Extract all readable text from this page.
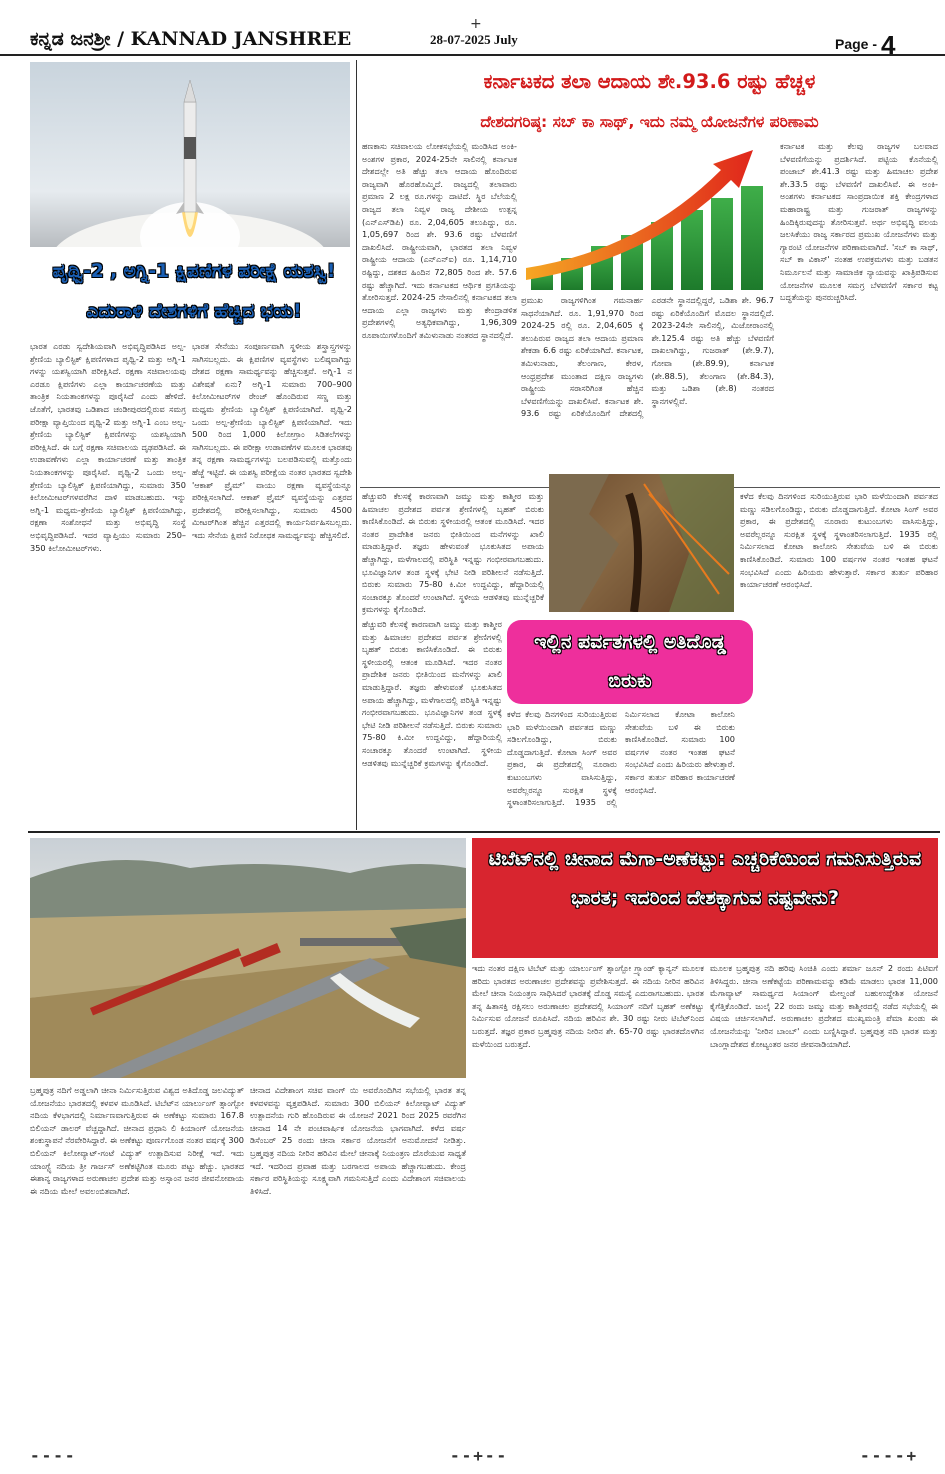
+
ಕನ್ನಡ ಜನಶ್ರೀ / KANNAD JANSHREE	28-07-2025 July	Page - 4
ಪೃಥ್ವಿ-2 , ಅಗ್ನಿ-1 ಕ್ಷಿಪಣಿಗಳ ಪರೀಕ್ಷೆ ಯಶಸ್ವಿ! ಎದುರಾಳಿ ದೇಶಗಳಿಗೆ ಹೆಚ್ಚಿದ ಭಯ!
ಭಾರತ ಎರಡು ಸ್ವದೇಶಿಯವಾಗಿ ಅಭಿವೃದ್ಧಿಪಡಿಸಿದ ಅಲ್ಪ-ಶ್ರೇಣಿಯ ಬ್ಯಾಲಿಸ್ಟಿಕ್ ಕ್ಷಿಪಣಿಗಳಾದ ಪೃಥ್ವಿ-2 ಮತ್ತು ಅಗ್ನಿ-1 ಗಳನ್ನು ಯಶಸ್ವಿಯಾಗಿ ಪರೀಕ್ಷಿಸಿದೆ. ರಕ್ಷಣಾ ಸಚಿವಾಲಯವು ಎರಡೂ ಕ್ಷಿಪಣಿಗಳು ಎಲ್ಲಾ ಕಾರ್ಯಾಚರಣೆಯ ಮತ್ತು ತಾಂತ್ರಿಕ ನಿಯತಾಂಕಗಳನ್ನು ಪೂರೈಸಿದೆ ಎಂದು ಹೇಳಿದೆ. ಜೊತೆಗೆ, ಭಾರತವು ಒಡಿಶಾದ ಚಂಡೀಪುರದಲ್ಲಿರುವ ಸಮಗ್ರ ಪರೀಕ್ಷಾ ವ್ಯಾಪ್ತಿಯಿಂದ ಪೃಥ್ವಿ-2 ಮತ್ತು ಅಗ್ನಿ-1 ಎಂಬ ಅಲ್ಪ-ಶ್ರೇಣಿಯ ಬ್ಯಾಲಿಸ್ಟಿಕ್ ಕ್ಷಿಪಣಿಗಳನ್ನು ಯಶಸ್ವಿಯಾಗಿ ಪರೀಕ್ಷಿಸಿದೆ. ಈ ಬಗ್ಗೆ ರಕ್ಷಣಾ ಸಚಿವಾಲಯ ದೃಢಪಡಿಸಿದೆ. ಈ ಉಡಾವಣೆಗಳು ಎಲ್ಲಾ ಕಾರ್ಯಾಚರಣೆ ಮತ್ತು ತಾಂತ್ರಿಕ ನಿಯತಾಂಕಗಳನ್ನು ಪೂರೈಸಿವೆ. ಪೃಥ್ವಿ-2 ಒಂದು ಅಲ್ಪ-ಶ್ರೇಣಿಯ ಬ್ಯಾಲಿಸ್ಟಿಕ್ ಕ್ಷಿಪಣಿಯಾಗಿದ್ದು, ಸುಮಾರು 350 ಕಿಲೋಮೀಟರ್‌ಗಳವರೆಗಿನ ದಾಳಿ ಮಾಡಬಹುದು. ಇನ್ನು ಅಗ್ನಿ-1 ಮಧ್ಯಮ-ಶ್ರೇಣಿಯ ಬ್ಯಾಲಿಸ್ಟಿಕ್ ಕ್ಷಿಪಣಿಯಾಗಿದ್ದು, ರಕ್ಷಣಾ ಸಂಶೋಧನೆ ಮತ್ತು ಅಭಿವೃದ್ಧಿ ಸಂಸ್ಥೆ ಅಭಿವೃದ್ಧಿಪಡಿಸಿದೆ. ಇದರ ವ್ಯಾಪ್ತಿಯು ಸುಮಾರು 250–350 ಕಿಲೋಮೀಟರ್‌ಗಳು.
ಭಾರತ ಸೇನೆಯು ಸಂಪೂರ್ಣವಾಗಿ ಸ್ಥಳೀಯ ಶಸ್ತ್ರಾಸ್ತ್ರಗಳನ್ನು ಸಾಗಿಸಬಲ್ಲದು. ಈ ಕ್ಷಿಪಣಿಗಳ ವ್ಯವಸ್ಥೆಗಳು ಬಲಿಷ್ಠವಾಗಿದ್ದು ದೇಶದ ರಕ್ಷಣಾ ಸಾಮರ್ಥ್ಯವನ್ನು ಹೆಚ್ಚಿಸುತ್ತವೆ. ಅಗ್ನಿ-1 ನ ವಿಶೇಷತೆ ಏನು? ಅಗ್ನಿ-1 ಸುಮಾರು 700–900 ಕಿಲೋಮೀಟರ್‌ಗಳ ರೇಂಜ್ ಹೊಂದಿರುವ ಸಣ್ಣ ಮತ್ತು ಮಧ್ಯಮ ಶ್ರೇಣಿಯ ಬ್ಯಾಲಿಸ್ಟಿಕ್ ಕ್ಷಿಪಣಿಯಾಗಿದೆ. ಪೃಥ್ವಿ-2 ಒಂದು ಅಲ್ಪ-ಶ್ರೇಣಿಯ ಬ್ಯಾಲಿಸ್ಟಿಕ್ ಕ್ಷಿಪಣಿಯಾಗಿದೆ. ಇದು 500 ರಿಂದ 1,000 ಕಿಲೋಗ್ರಾಂ ಸಿಡಿತಲೆಗಳನ್ನು ಸಾಗಿಸಬಲ್ಲದು. ಈ ಪರೀಕ್ಷಾ ಉಡಾವಣೆಗಳ ಮೂಲಕ ಭಾರತವು ತನ್ನ ರಕ್ಷಣಾ ಸಾಮರ್ಥ್ಯಗಳನ್ನು ಬಲಪಡಿಸುವಲ್ಲಿ ಮತ್ತೊಂದು ಹೆಜ್ಜೆ ಇಟ್ಟಿದೆ. ಈ ಯಶಸ್ವಿ ಪರೀಕ್ಷೆಯ ನಂತರ ಭಾರತದ ಸ್ವದೇಶಿ 'ಆಕಾಶ್ ಪ್ರೈಮ್' ವಾಯು ರಕ್ಷಣಾ ವ್ಯವಸ್ಥೆಯನ್ನೂ ಪರೀಕ್ಷಿಸಲಾಗಿದೆ. ಆಕಾಶ್ ಪ್ರೈಮ್ ವ್ಯವಸ್ಥೆಯನ್ನು ಎತ್ತರದ ಪ್ರದೇಶದಲ್ಲಿ ಪರೀಕ್ಷಿಸಲಾಗಿದ್ದು, ಸುಮಾರು 4500 ಮೀಟರ್‌ಗಿಂತ ಹೆಚ್ಚಿನ ಎತ್ತರದಲ್ಲಿ ಕಾರ್ಯನಿರ್ವಹಿಸಬಲ್ಲದು. ಇದು ಸೇನೆಯ ಕ್ಷಿಪಣಿ ನಿರೋಧಕ ಸಾಮರ್ಥ್ಯವನ್ನು ಹೆಚ್ಚಿಸಲಿದೆ.
ಕರ್ನಾಟಕದ ತಲಾ ಆದಾಯ ಶೇ.93.6 ರಷ್ಟು ಹೆಚ್ಚಳ
ದೇಶದಗರಿಷ್ಠ: ಸಬ್ ಕಾ ಸಾಥ್, ಇದು ನಮ್ಮ ಯೋಜನೆಗಳ ಪರಿಣಾಮ
ಹಣಕಾಸು ಸಚಿವಾಲಯ ಲೋಕಸಭೆಯಲ್ಲಿ ಮಂಡಿಸಿದ ಅಂಕಿ-ಅಂಶಗಳ ಪ್ರಕಾರ, 2024-25ನೇ ಸಾಲಿನಲ್ಲಿ ಕರ್ನಾಟಕ ದೇಶದಲ್ಲೇ ಅತಿ ಹೆಚ್ಚು ತಲಾ ಆದಾಯ ಹೊಂದಿರುವ ರಾಜ್ಯವಾಗಿ ಹೊರಹೊಮ್ಮಿದೆ. ರಾಜ್ಯದಲ್ಲಿ ತಲಾವಾರು ಪ್ರಮಾಣ 2 ಲಕ್ಷ ರೂ.ಗಳನ್ನು ದಾಟಿದೆ. ಸ್ಥಿರ ಬೆಲೆಯಲ್ಲಿ ರಾಜ್ಯದ ತಲಾ ನಿವ್ವಳ ರಾಜ್ಯ ದೇಶೀಯ ಉತ್ಪನ್ನ (ಎನ್‌ಎಸ್‌ಡಿಪಿ) ರೂ. 2,04,605 ತಲುಪಿದ್ದು, ರೂ. 1,05,697 ರಿಂದ ಶೇ. 93.6 ರಷ್ಟು ಬೆಳವಣಿಗೆ ದಾಖಲಿಸಿದೆ. ರಾಷ್ಟ್ರೀಯವಾಗಿ, ಭಾರತದ ತಲಾ ನಿವ್ವಳ ರಾಷ್ಟ್ರೀಯ ಆದಾಯ (ಎನ್‌ಎನ್‌ಐ) ರೂ. 1,14,710 ರಷ್ಟಿದ್ದು, ದಶಕದ ಹಿಂದಿನ 72,805 ರಿಂದ ಶೇ. 57.6 ರಷ್ಟು ಹೆಚ್ಚಾಗಿದೆ. ಇದು ಕರ್ನಾಟಕದ ಆರ್ಥಿಕ ಪ್ರಗತಿಯನ್ನು ತೋರಿಸುತ್ತದೆ. 2024-25 ನೇಸಾಲಿನಲ್ಲಿ ಕರ್ನಾಟಕದ ತಲಾ ಆದಾಯ ಎಲ್ಲಾ ರಾಜ್ಯಗಳು ಮತ್ತು ಕೇಂದ್ರಾಡಳಿತ ಪ್ರದೇಶಗಳಲ್ಲಿ ಅತ್ಯಧಿಕವಾಗಿದ್ದು, 1,96,309 ರೂಪಾಯಿಗಳೊಂದಿಗೆ ತಮಿಳುನಾಡು ನಂತರದ ಸ್ಥಾನದಲ್ಲಿದೆ.
ಪ್ರಮುಖ ರಾಜ್ಯಗಳಿಗಿಂತ ಗಮನಾರ್ಹ ಸಾಧನೆಯಾಗಿದೆ. ರೂ. 1,91,970 ರಿಂದ 2024-25 ರಲ್ಲಿ ರೂ. 2,04,605 ಕ್ಕೆ ತಲುಪಿರುವ ರಾಜ್ಯದ ತಲಾ ಆದಾಯ ಪ್ರಮಾಣ ಶೇಕಡಾ 6.6 ರಷ್ಟು ಏರಿಕೆಯಾಗಿದೆ. ಕರ್ನಾಟಕ, ತಮಿಳುನಾಡು, ತೆಲಂಗಾಣ, ಕೇರಳ, ಆಂಧ್ರಪ್ರದೇಶ ಮುಂತಾದ ದಕ್ಷಿಣ ರಾಜ್ಯಗಳು ರಾಷ್ಟ್ರೀಯ ಸರಾಸರಿಗಿಂತ ಹೆಚ್ಚಿನ ಬೆಳವಣಿಗೆಯನ್ನು ದಾಖಲಿಸಿವೆ. ಕರ್ನಾಟಕ ಶೇ. 93.6 ರಷ್ಟು ಏರಿಕೆಯೊಂದಿಗೆ ದೇಶದಲ್ಲಿ ಎರಡನೇ ಸ್ಥಾನದಲ್ಲಿದ್ದರೆ, ಒಡಿಶಾ ಶೇ. 96.7 ರಷ್ಟು ಏರಿಕೆಯೊಂದಿಗೆ ಮೊದಲ ಸ್ಥಾನದಲ್ಲಿದೆ. 2023-24ನೇ ಸಾಲಿನಲ್ಲಿ, ಮಿಜೋರಾಂನಲ್ಲಿ ಶೇ.125.4 ರಷ್ಟು ಅತಿ ಹೆಚ್ಚು ಬೆಳವಣಿಗೆ ದಾಖಲಾಗಿದ್ದು, ಗುಜರಾತ್ (ಶೇ.9.7), ಗೋವಾ (ಶೇ.89.9), ಕರ್ನಾಟಕ (ಶೇ.88.5), ತೆಲಂಗಾಣ (ಶೇ.84.3), ಮತ್ತು ಒಡಿಶಾ (ಶೇ.8) ನಂತರದ ಸ್ಥಾನಗಳಲ್ಲಿವೆ.
ಕರ್ನಾಟಕ ಮತ್ತು ಕೆಲವು ರಾಜ್ಯಗಳ ಬಲವಾದ ಬೆಳವಣಿಗೆಯನ್ನು ಪ್ರದರ್ಶಿಸಿದೆ. ಪಟ್ಟಿಯ ಕೊನೆಯಲ್ಲಿ ಪಂಜಾಬ್ ಶೇ.41.3 ರಷ್ಟು ಮತ್ತು ಹಿಮಾಚಲ ಪ್ರದೇಶ ಶೇ.33.5 ರಷ್ಟು ಬೆಳವಣಿಗೆ ದಾಖಲಿಸಿವೆ. ಈ ಅಂಕಿ-ಅಂಶಗಳು ಕರ್ನಾಟಕದ ಸಾಂಪ್ರದಾಯಿಕ ಶಕ್ತಿ ಕೇಂದ್ರಗಳಾದ ಮಹಾರಾಷ್ಟ್ರ ಮತ್ತು ಗುಜರಾತ್ ರಾಜ್ಯಗಳನ್ನು ಹಿಂದಿಕ್ಕಿರುವುದನ್ನು ತೋರಿಸುತ್ತವೆ. ಅರ್ಥ ಅಭಿವೃದ್ಧಿ ವಲಯ ಜಲಸಿಕೆಯು ರಾಜ್ಯ ಸರ್ಕಾರದ ಪ್ರಮುಖ ಯೋಜನೆಗಳು ಮತ್ತು ಗ್ಯಾರಂಟಿ ಯೋಜನೆಗಳ ಪರಿಣಾಮವಾಗಿದೆ. 'ಸಬ್ ಕಾ ಸಾಥ್, ಸಬ್ ಕಾ ವಿಕಾಸ್' ನಂತಹ ಉಪಕ್ರಮಗಳು ಮತ್ತು ಬಡತನ ನಿರ್ಮೂಲನೆ ಮತ್ತು ಸಾಮಾಜಿಕ ನ್ಯಾಯವನ್ನು ಖಾತ್ರಿಪಡಿಸುವ ಯೋಜನೆಗಳ ಮೂಲಕ ಸಮಗ್ರ ಬೆಳವಣಿಗೆ ಸರ್ಕಾರ ಕಟ್ಟ ಬದ್ಧತೆಯನ್ನು ಪುನರುಚ್ಚರಿಸಿದೆ.
ಹೆಚ್ಚುವರಿ ಕೆಲಸಕ್ಕೆ ಕಾರಣವಾಗಿ ಜಮ್ಮು ಮತ್ತು ಕಾಶ್ಮೀರ ಮತ್ತು ಹಿಮಾಚಲ ಪ್ರದೇಶದ ಪರ್ವತ ಶ್ರೇಣಿಗಳಲ್ಲಿ ಬೃಹತ್ ಬಿರುಕು ಕಾಣಿಸಿಕೊಂಡಿದೆ. ಈ ಬಿರುಕು ಸ್ಥಳೀಯರಲ್ಲಿ ಆತಂಕ ಮೂಡಿಸಿದೆ. ಇದರ ನಂತರ ಪ್ರಾದೇಶಿಕ ಜನರು ಭೀತಿಯಿಂದ ಮನೆಗಳನ್ನು ಖಾಲಿ ಮಾಡುತ್ತಿದ್ದಾರೆ. ತಜ್ಞರು ಹೇಳುವಂತೆ ಭೂಕುಸಿತದ ಅಪಾಯ ಹೆಚ್ಚಾಗಿದ್ದು, ಮಳೆಗಾಲದಲ್ಲಿ ಪರಿಸ್ಥಿತಿ ಇನ್ನಷ್ಟು ಗಂಭೀರವಾಗಬಹುದು. ಭೂವಿಜ್ಞಾನಿಗಳ ತಂಡ ಸ್ಥಳಕ್ಕೆ ಭೇಟಿ ನೀಡಿ ಪರಿಶೀಲನೆ ನಡೆಸುತ್ತಿದೆ. ಬಿರುಕು ಸುಮಾರು 75-80 ಕಿ.ಮೀ ಉದ್ದವಿದ್ದು, ಹೆದ್ದಾರಿಯಲ್ಲಿ ಸಂಚಾರಕ್ಕೂ ತೊಂದರೆ ಉಂಟಾಗಿದೆ. ಸ್ಥಳೀಯ ಆಡಳಿತವು ಮುನ್ನೆಚ್ಚರಿಕೆ ಕ್ರಮಗಳನ್ನು ಕೈಗೊಂಡಿದೆ.
ಇಲ್ಲಿನ ಪರ್ವತಗಳಲ್ಲಿ ಅತಿದೊಡ್ಡ ಬಿರುಕು
ಹೆಚ್ಚುವರಿ ಕೆಲಸಕ್ಕೆ ಕಾರಣವಾಗಿ ಜಮ್ಮು ಮತ್ತು ಕಾಶ್ಮೀರ ಮತ್ತು ಹಿಮಾಚಲ ಪ್ರದೇಶದ ಪರ್ವತ ಶ್ರೇಣಿಗಳಲ್ಲಿ ಬೃಹತ್ ಬಿರುಕು ಕಾಣಿಸಿಕೊಂಡಿದೆ. ಈ ಬಿರುಕು ಸ್ಥಳೀಯರಲ್ಲಿ ಆತಂಕ ಮೂಡಿಸಿದೆ. ಇದರ ನಂತರ ಪ್ರಾದೇಶಿಕ ಜನರು ಭೀತಿಯಿಂದ ಮನೆಗಳನ್ನು ಖಾಲಿ ಮಾಡುತ್ತಿದ್ದಾರೆ. ತಜ್ಞರು ಹೇಳುವಂತೆ ಭೂಕುಸಿತದ ಅಪಾಯ ಹೆಚ್ಚಾಗಿದ್ದು, ಮಳೆಗಾಲದಲ್ಲಿ ಪರಿಸ್ಥಿತಿ ಇನ್ನಷ್ಟು ಗಂಭೀರವಾಗಬಹುದು. ಭೂವಿಜ್ಞಾನಿಗಳ ತಂಡ ಸ್ಥಳಕ್ಕೆ ಭೇಟಿ ನೀಡಿ ಪರಿಶೀಲನೆ ನಡೆಸುತ್ತಿದೆ. ಬಿರುಕು ಸುಮಾರು 75-80 ಕಿ.ಮೀ ಉದ್ದವಿದ್ದು, ಹೆದ್ದಾರಿಯಲ್ಲಿ ಸಂಚಾರಕ್ಕೂ ತೊಂದರೆ ಉಂಟಾಗಿದೆ. ಸ್ಥಳೀಯ ಆಡಳಿತವು ಮುನ್ನೆಚ್ಚರಿಕೆ ಕ್ರಮಗಳನ್ನು ಕೈಗೊಂಡಿದೆ.
ಕಳೆದ ಕೆಲವು ದಿನಗಳಿಂದ ಸುರಿಯುತ್ತಿರುವ ಭಾರಿ ಮಳೆಯಿಂದಾಗಿ ಪರ್ವತದ ಮಣ್ಣು ಸಡಿಲಗೊಂಡಿದ್ದು, ಬಿರುಕು ದೊಡ್ಡದಾಗುತ್ತಿದೆ. ಕೋಟಾ ಸಿಂಗ್ ಅವರ ಪ್ರಕಾರ, ಈ ಪ್ರದೇಶದಲ್ಲಿ ನೂರಾರು ಕುಟುಂಬಗಳು ವಾಸಿಸುತ್ತಿದ್ದು, ಅವರೆಲ್ಲರನ್ನೂ ಸುರಕ್ಷಿತ ಸ್ಥಳಕ್ಕೆ ಸ್ಥಳಾಂತರಿಸಲಾಗುತ್ತಿದೆ. 1935 ರಲ್ಲಿ ನಿರ್ಮಿಸಲಾದ ಕೋಟಾ ಕಾಲೋನಿ ಸೇತುವೆಯ ಬಳಿ ಈ ಬಿರುಕು ಕಾಣಿಸಿಕೊಂಡಿದೆ. ಸುಮಾರು 100 ವರ್ಷಗಳ ನಂತರ ಇಂತಹ ಘಟನೆ ಸಂಭವಿಸಿದೆ ಎಂದು ಹಿರಿಯರು ಹೇಳುತ್ತಾರೆ. ಸರ್ಕಾರ ತುರ್ತು ಪರಿಹಾರ ಕಾರ್ಯಾಚರಣೆ ಆರಂಭಿಸಿದೆ.
ಕಳೆದ ಕೆಲವು ದಿನಗಳಿಂದ ಸುರಿಯುತ್ತಿರುವ ಭಾರಿ ಮಳೆಯಿಂದಾಗಿ ಪರ್ವತದ ಮಣ್ಣು ಸಡಿಲಗೊಂಡಿದ್ದು, ಬಿರುಕು ದೊಡ್ಡದಾಗುತ್ತಿದೆ. ಕೋಟಾ ಸಿಂಗ್ ಅವರ ಪ್ರಕಾರ, ಈ ಪ್ರದೇಶದಲ್ಲಿ ನೂರಾರು ಕುಟುಂಬಗಳು ವಾಸಿಸುತ್ತಿದ್ದು, ಅವರೆಲ್ಲರನ್ನೂ ಸುರಕ್ಷಿತ ಸ್ಥಳಕ್ಕೆ ಸ್ಥಳಾಂತರಿಸಲಾಗುತ್ತಿದೆ. 1935 ರಲ್ಲಿ ನಿರ್ಮಿಸಲಾದ ಕೋಟಾ ಕಾಲೋನಿ ಸೇತುವೆಯ ಬಳಿ ಈ ಬಿರುಕು ಕಾಣಿಸಿಕೊಂಡಿದೆ. ಸುಮಾರು 100 ವರ್ಷಗಳ ನಂತರ ಇಂತಹ ಘಟನೆ ಸಂಭವಿಸಿದೆ ಎಂದು ಹಿರಿಯರು ಹೇಳುತ್ತಾರೆ. ಸರ್ಕಾರ ತುರ್ತು ಪರಿಹಾರ ಕಾರ್ಯಾಚರಣೆ ಆರಂಭಿಸಿದೆ.
ಟಿಬೆಟ್‌ನಲ್ಲಿ ಚೀನಾದ ಮೆಗಾ-ಅಣೆಕಟ್ಟು: ಎಚ್ಚರಿಕೆಯಿಂದ ಗಮನಿಸುತ್ತಿರುವ ಭಾರತ; ಇದರಿಂದ ದೇಶಕ್ಕಾಗುವ ನಷ್ಟವೇನು?
ಬ್ರಹ್ಮಪುತ್ರ ನದಿಗೆ ಅಡ್ಡಲಾಗಿ ಚೀನಾ ನಿರ್ಮಿಸುತ್ತಿರುವ ವಿಶ್ವದ ಅತಿದೊಡ್ಡ ಜಲವಿದ್ಯುತ್ ಯೋಜನೆಯು ಭಾರತದಲ್ಲಿ ಕಳವಳ ಮೂಡಿಸಿದೆ. ಟಿಬೆಟ್‌ನ ಯಾರ್ಲುಂಗ್ ತ್ಸಾಂಗ್ಪೋ ನದಿಯ ಕೆಳಭಾಗದಲ್ಲಿ ನಿರ್ಮಾಣವಾಗುತ್ತಿರುವ ಈ ಅಣೆಕಟ್ಟು ಸುಮಾರು 167.8 ಬಿಲಿಯನ್ ಡಾಲರ್ ವೆಚ್ಚದ್ದಾಗಿದೆ. ಚೀನಾದ ಪ್ರಧಾನಿ ಲಿ ಕಿಯಾಂಗ್ ಯೋಜನೆಯ ಶಂಕುಸ್ಥಾಪನೆ ನೆರವೇರಿಸಿದ್ದಾರೆ. ಈ ಅಣೆಕಟ್ಟು ಪೂರ್ಣಗೊಂಡ ನಂತರ ವರ್ಷಕ್ಕೆ 300 ಬಿಲಿಯನ್ ಕಿಲೋವ್ಯಾಟ್-ಗಂಟೆ ವಿದ್ಯುತ್ ಉತ್ಪಾದಿಸುವ ನಿರೀಕ್ಷೆ ಇದೆ. ಇದು ಯಾಂಗ್ಟ್ಸೆ ನದಿಯ ತ್ರೀ ಗಾರ್ಜಸ್ ಅಣೆಕಟ್ಟಿಗಿಂತ ಮೂರು ಪಟ್ಟು ಹೆಚ್ಚು. ಭಾರತದ ಈಶಾನ್ಯ ರಾಜ್ಯಗಳಾದ ಅರುಣಾಚಲ ಪ್ರದೇಶ ಮತ್ತು ಅಸ್ಸಾಂನ ಜನರ ಜೀವನೋಪಾಯ ಈ ನದಿಯ ಮೇಲೆ ಅವಲಂಬಿತವಾಗಿದೆ.
ಚೀನಾದ ವಿದೇಶಾಂಗ ಸಚಿವ ವಾಂಗ್ ಯಿ ಅವರೊಂದಿಗಿನ ಸಭೆಯಲ್ಲಿ ಭಾರತ ತನ್ನ ಕಳವಳವನ್ನು ವ್ಯಕ್ತಪಡಿಸಿದೆ. ಸುಮಾರು 300 ಬಿಲಿಯನ್ ಕಿಲೋವ್ಯಾಟ್ ವಿದ್ಯುತ್ ಉತ್ಪಾದನೆಯ ಗುರಿ ಹೊಂದಿರುವ ಈ ಯೋಜನೆ 2021 ರಿಂದ 2025 ರವರೆಗಿನ ಚೀನಾದ 14 ನೇ ಪಂಚವಾರ್ಷಿಕ ಯೋಜನೆಯ ಭಾಗವಾಗಿದೆ. ಕಳೆದ ವರ್ಷ ಡಿಸೆಂಬರ್ 25 ರಂದು ಚೀನಾ ಸರ್ಕಾರ ಯೋಜನೆಗೆ ಅನುಮೋದನೆ ನೀಡಿತ್ತು. ಬ್ರಹ್ಮಪುತ್ರ ನದಿಯ ನೀರಿನ ಹರಿವಿನ ಮೇಲೆ ಚೀನಾಕ್ಕೆ ನಿಯಂತ್ರಣ ದೊರೆಯುವ ಸಾಧ್ಯತೆ ಇದೆ. ಇದರಿಂದ ಪ್ರವಾಹ ಮತ್ತು ಬರಗಾಲದ ಅಪಾಯ ಹೆಚ್ಚಾಗಬಹುದು. ಕೇಂದ್ರ ಸರ್ಕಾರ ಪರಿಸ್ಥಿತಿಯನ್ನು ಸೂಕ್ಷ್ಮವಾಗಿ ಗಮನಿಸುತ್ತಿದೆ ಎಂದು ವಿದೇಶಾಂಗ ಸಚಿವಾಲಯ ತಿಳಿಸಿದೆ.
ಇದು ನಂತರ ದಕ್ಷಿಣ ಟಿಬೆಟ್ ಮತ್ತು ಯಾರ್ಲುಂಗ್ ತ್ಸಾಂಗ್ಪೋ ಗ್ರ್ಯಾಂಡ್ ಕ್ಯಾನ್ಯನ್ ಮೂಲಕ ಹರಿದು ಭಾರತದ ಅರುಣಾಚಲ ಪ್ರದೇಶವನ್ನು ಪ್ರವೇಶಿಸುತ್ತದೆ. ಈ ನದಿಯ ನೀರಿನ ಹರಿವಿನ ಮೇಲೆ ಚೀನಾ ನಿಯಂತ್ರಣ ಸಾಧಿಸಿದರೆ ಭಾರತಕ್ಕೆ ದೊಡ್ಡ ಸಮಸ್ಯೆ ಎದುರಾಗಬಹುದು. ಭಾರತ ತನ್ನ ಹಿತಾಸಕ್ತಿ ರಕ್ಷಿಸಲು ಅರುಣಾಚಲ ಪ್ರದೇಶದಲ್ಲಿ ಸಿಯಾಂಗ್ ನದಿಗೆ ಬೃಹತ್ ಅಣೆಕಟ್ಟು ನಿರ್ಮಿಸುವ ಯೋಜನೆ ರೂಪಿಸಿದೆ. ನದಿಯ ಹರಿವಿನ ಶೇ. 30 ರಷ್ಟು ನೀರು ಟಿಬೆಟ್‌ನಿಂದ ಬರುತ್ತದೆ. ತಜ್ಞರ ಪ್ರಕಾರ ಬ್ರಹ್ಮಪುತ್ರ ನದಿಯ ನೀರಿನ ಶೇ. 65-70 ರಷ್ಟು ಭಾರತದೊಳಗಿನ ಮಳೆಯಿಂದ ಬರುತ್ತದೆ.
ಮೂಲಕ ಬ್ರಹ್ಮಪುತ್ರ ನದಿ ಹರಿವು ಸಿಂಚಿತಿ ಎಂದು ಶರ್ಮಾ ಜೂನ್ 2 ರಂದು ಪಿಟಿಐಗೆ ತಿಳಿಸಿದ್ದರು. ಚೀನಾ ಅಣೆಕಟ್ಟೆಯ ಪರಿಣಾಮವನ್ನು ಕಡಿಮೆ ಮಾಡಲು ಭಾರತ 11,000 ಮೆಗಾವ್ಯಾಟ್ ಸಾಮರ್ಥ್ಯದ ಸಿಯಾಂಗ್ ಮೇಲ್ದಂಡೆ ಬಹುಉದ್ದೇಶಿತ ಯೋಜನೆ ಕೈಗೆತ್ತಿಕೊಂಡಿದೆ. ಜುಲೈ 22 ರಂದು ಜಮ್ಮು ಮತ್ತು ಕಾಶ್ಮೀರದಲ್ಲಿ ನಡೆದ ಸಭೆಯಲ್ಲಿ ಈ ವಿಷಯ ಚರ್ಚಿಸಲಾಗಿದೆ. ಅರುಣಾಚಲ ಪ್ರದೇಶದ ಮುಖ್ಯಮಂತ್ರಿ ಪೆಮಾ ಖಂಡು ಈ ಯೋಜನೆಯನ್ನು 'ನೀರಿನ ಬಾಂಬ್' ಎಂದು ಬಣ್ಣಿಸಿದ್ದಾರೆ. ಬ್ರಹ್ಮಪುತ್ರ ನದಿ ಭಾರತ ಮತ್ತು ಬಾಂಗ್ಲಾದೇಶದ ಕೋಟ್ಯಂತರ ಜನರ ಜೀವನಾಡಿಯಾಗಿದೆ.
----	--+--	----+
